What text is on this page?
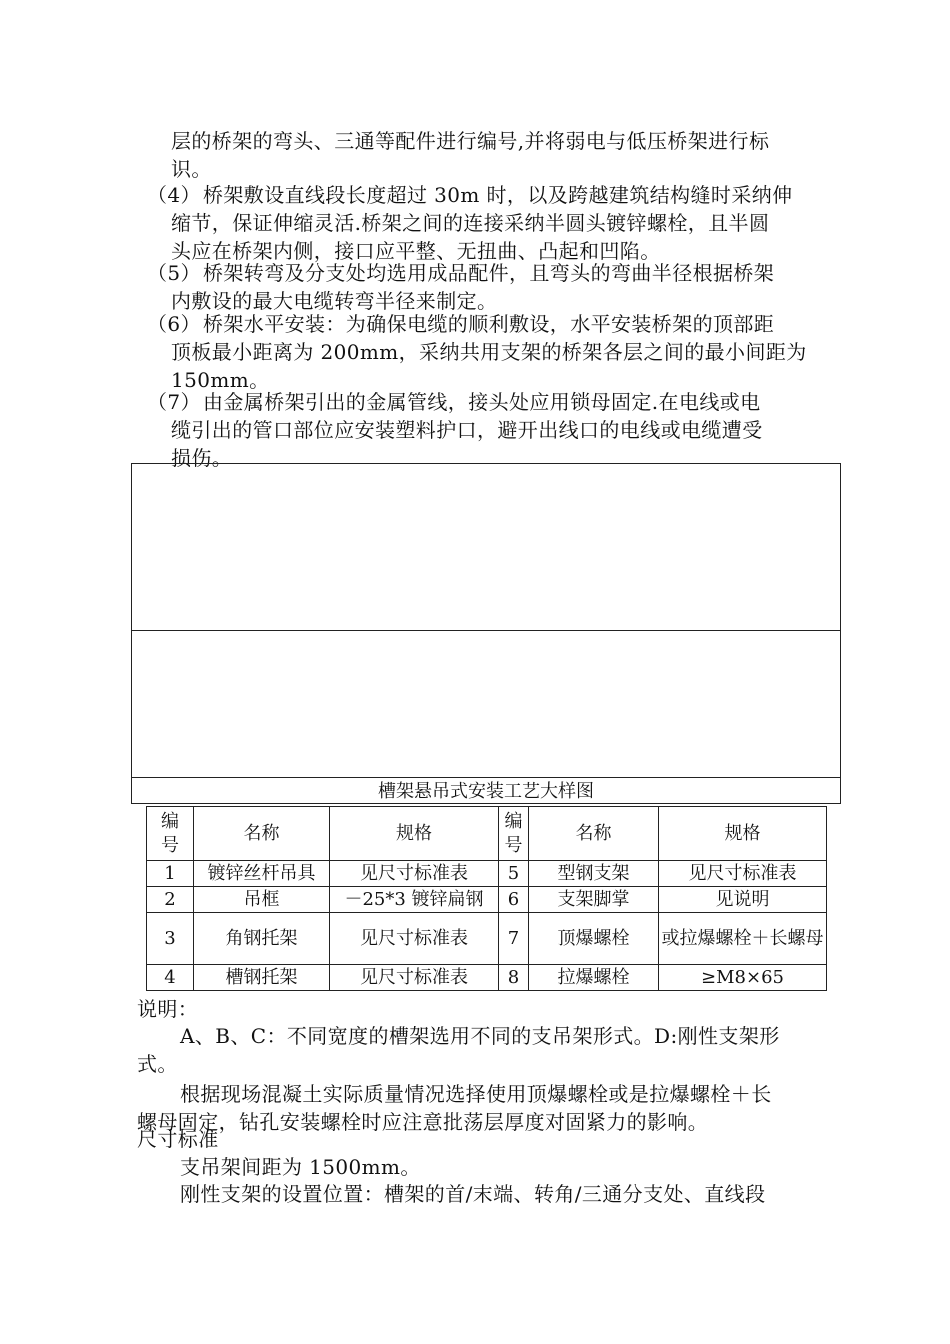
层的桥架的弯头、三通等配件进行编号,并将弱电与低压桥架进行标
识。
（4） 桥架敷设直线段长度超过 30m 时，以及跨越建筑结构缝时采纳伸
缩节，保证伸缩灵活.桥架之间的连接采纳半圆头镀锌螺栓，且半圆
头应在桥架内侧，接口应平整、无扭曲、凸起和凹陷。
（5） 桥架转弯及分支处均选用成品配件，且弯头的弯曲半径根据桥架
内敷设的最大电缆转弯半径来制定。
（6） 桥架水平安装：为确保电缆的顺利敷设，水平安装桥架的顶部距
顶板最小距离为 200mm，采纳共用支架的桥架各层之间的最小间距为
150mm。
（7） 由金属桥架引出的金属管线，接头处应用锁母固定.在电线或电
缆引出的管口部位应安装塑料护口，避开出线口的电线或电缆遭受
损伤。
槽架悬吊式安装工艺大样图
编号	名称	规格	编号	名称	规格
1	镀锌丝杆吊具	见尺寸标准表	5	型钢支架	见尺寸标准表
2	吊框	－25*3 镀锌扁钢	6	支架脚掌	见说明
3	角钢托架	见尺寸标准表	7	顶爆螺栓	或拉爆螺栓＋长螺母
4	槽钢托架	见尺寸标准表	8	拉爆螺栓	≥M8×65
说明：
A、B、C：不同宽度的槽架选用不同的支吊架形式。D:刚性支架形
式。
根据现场混凝土实际质量情况选择使用顶爆螺栓或是拉爆螺栓＋长
螺母固定，钻孔安装螺栓时应注意批荡层厚度对固紧力的影响。
尺寸标准
支吊架间距为 1500mm。
刚性支架的设置位置：槽架的首/末端、转角/三通分支处、直线段
